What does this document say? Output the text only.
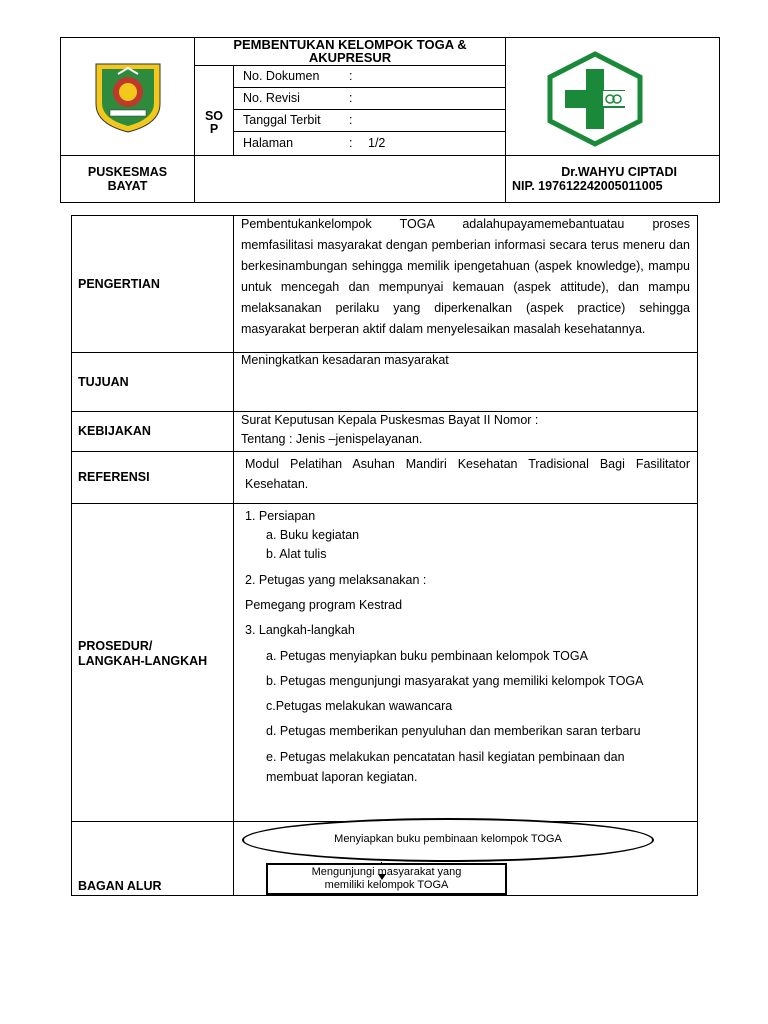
PEMBENTUKAN KELOMPOK TOGA &
AKUPRESUR
SO
P
No. Dokumen :
No. Revisi	:
Tanggal Terbit :
Halaman	: 1/2
PUSKESMAS
BAYAT
Dr.WAHYU CIPTADI
NIP. 197612242005011005
PENGERTIAN
Pembentukankelompok TOGA adalahupayamemebantuatau proses memfasilitasi masyarakat dengan pemberian informasi secara terus meneru dan berkesinambungan sehingga memilik ipengetahuan (aspek knowledge), mampu untuk mencegah dan mempunyai kemauan (aspek attitude), dan mampu melaksanakan perilaku yang diperkenalkan (aspek practice) sehingga masyarakat berperan aktif dalam menyelesaikan masalah kesehatannya.
TUJUAN
Meningkatkan kesadaran masyarakat
KEBIJAKAN
Surat Keputusan Kepala Puskesmas Bayat II Nomor :
Tentang : Jenis –jenispelayanan.
REFERENSI
Modul Pelatihan Asuhan Mandiri Kesehatan Tradisional Bagi Fasilitator Kesehatan.
PROSEDUR/
LANGKAH-LANGKAH
1. Persiapan
a. Buku kegiatan
b. Alat tulis
2. Petugas yang melaksanakan :
Pemegang program Kestrad
3. Langkah-langkah
a. Petugas menyiapkan buku pembinaan kelompok TOGA
b. Petugas mengunjungi masyarakat yang memiliki kelompok TOGA
c.Petugas melakukan wawancara
d. Petugas memberikan penyuluhan dan memberikan saran terbaru
e. Petugas melakukan pencatatan hasil kegiatan pembinaan dan
membuat laporan kegiatan.
BAGAN ALUR
Menyiapkan buku pembinaan kelompok TOGA
Mengunjungi masyarakat yang
memiliki kelompok TOGA
